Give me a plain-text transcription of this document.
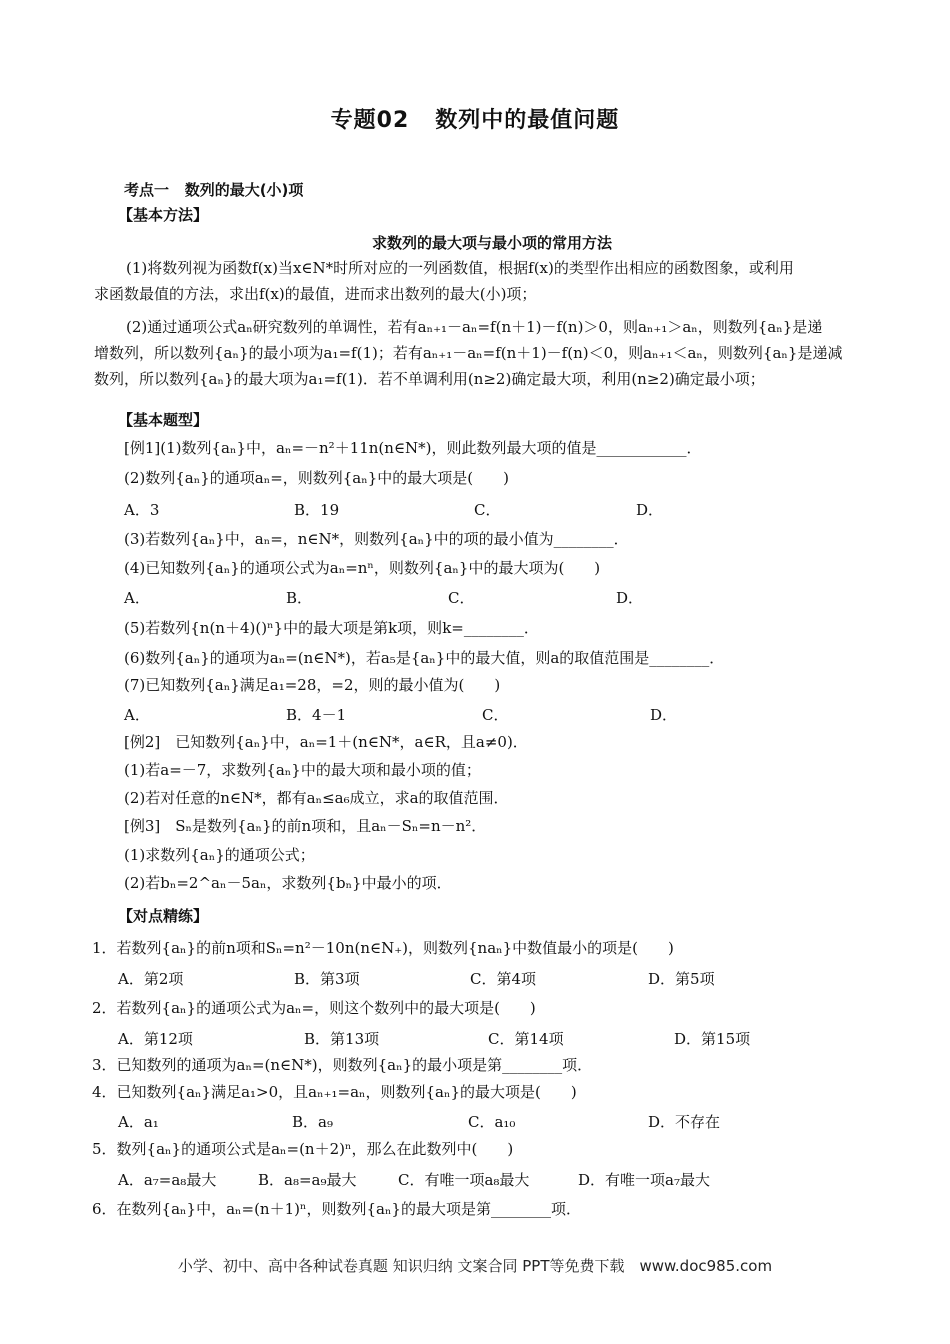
专题02 数列中的最值问题
考点一 数列的最大(小)项
【基本方法】
求数列的最大项与最小项的常用方法
(1)将数列视为函数f(x)当x∈N*时所对应的一列函数值，根据f(x)的类型作出相应的函数图象，或利用
求函数最值的方法，求出f(x)的最值，进而求出数列的最大(小)项；
(2)通过通项公式aₙ研究数列的单调性，若有aₙ₊₁－aₙ=f(n＋1)－f(n)＞0，则aₙ₊₁＞aₙ，则数列{aₙ}是递
增数列，所以数列{aₙ}的最小项为a₁=f(1)；若有aₙ₊₁－aₙ=f(n＋1)－f(n)＜0，则aₙ₊₁＜aₙ，则数列{aₙ}是递减
数列，所以数列{aₙ}的最大项为a₁=f(1)．若不单调利用(n≥2)确定最大项，利用(n≥2)确定最小项；
【基本题型】
[例1](1)数列{aₙ}中，aₙ=－n²＋11n(n∈N*)，则此数列最大项的值是____________．
(2)数列{aₙ}的通项aₙ=，则数列{aₙ}中的最大项是(　　)
A．3	B．19	C．	D．
(3)若数列{aₙ}中，aₙ=，n∈N*，则数列{aₙ}中的项的最小值为________．
(4)已知数列{aₙ}的通项公式为aₙ=nⁿ，则数列{aₙ}中的最大项为(　　)
A．	B．	C．	D．
(5)若数列{n(n＋4)()ⁿ}中的最大项是第k项，则k=________．
(6)数列{aₙ}的通项为aₙ=(n∈N*)，若a₅是{aₙ}中的最大值，则a的取值范围是________．
(7)已知数列{aₙ}满足a₁=28，=2，则的最小值为(　　)
A．	B．4－1	C．	D．
[例2]　已知数列{aₙ}中，aₙ=1＋(n∈N*，a∈R，且a≠0)．
(1)若a=－7，求数列{aₙ}中的最大项和最小项的值；
(2)若对任意的n∈N*，都有aₙ≤a₆成立，求a的取值范围．
[例3]　Sₙ是数列{aₙ}的前n项和，且aₙ－Sₙ=n－n²．
(1)求数列{aₙ}的通项公式；
(2)若bₙ=2^aₙ－5aₙ，求数列{bₙ}中最小的项．
【对点精练】
1．若数列{aₙ}的前n项和Sₙ=n²－10n(n∈N₊)，则数列{naₙ}中数值最小的项是(　　)
A．第2项	B．第3项	C．第4项	D．第5项
2．若数列{aₙ}的通项公式为aₙ=，则这个数列中的最大项是(　　)
A．第12项	B．第13项	C．第14项	D．第15项
3．已知数列的通项为aₙ=(n∈N*)，则数列{aₙ}的最小项是第________项．
4．已知数列{aₙ}满足a₁>0，且aₙ₊₁=aₙ，则数列{aₙ}的最大项是(　　)
A．a₁	B．a₉	C．a₁₀	D．不存在
5．数列{aₙ}的通项公式是aₙ=(n＋2)ⁿ，那么在此数列中(　　)
A．a₇=a₈最大	B．a₈=a₉最大	C．有唯一项a₈最大	D．有唯一项a₇最大
6．在数列{aₙ}中，aₙ=(n＋1)ⁿ，则数列{aₙ}的最大项是第________项．
小学、初中、高中各种试卷真题 知识归纳 文案合同 PPT等免费下载　www.doc985.com
